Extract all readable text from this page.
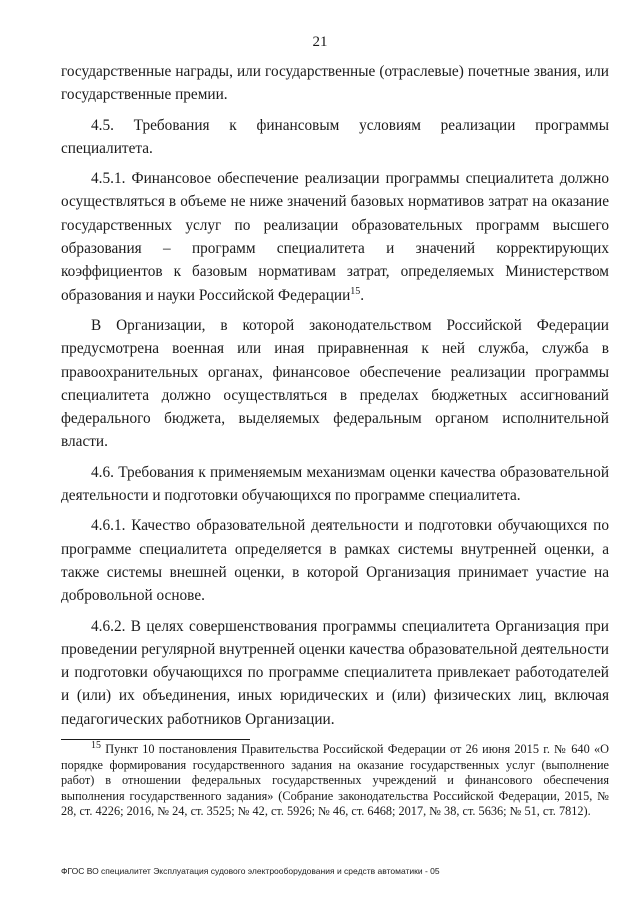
21

государственные награды, или государственные (отраслевые) почетные звания, или государственные премии.

4.5. Требования к финансовым условиям реализации программы специалитета.

4.5.1. Финансовое обеспечение реализации программы специалитета должно осуществляться в объеме не ниже значений базовых нормативов затрат на оказание государственных услуг по реализации образовательных программ высшего образования – программ специалитета и значений корректирующих коэффициентов к базовым нормативам затрат, определяемых Министерством образования и науки Российской Федерации$^{15}$.

В Организации, в которой законодательством Российской Федерации предусмотрена военная или иная приравненная к ней служба, служба в правоохранительных органах, финансовое обеспечение реализации программы специалитета должно осуществляться в пределах бюджетных ассигнований федерального бюджета, выделяемых федеральным органом исполнительной власти.

4.6. Требования к применяемым механизмам оценки качества образовательной деятельности и подготовки обучающихся по программе специалитета.

4.6.1. Качество образовательной деятельности и подготовки обучающихся по программе специалитета определяется в рамках системы внутренней оценки, а также системы внешней оценки, в которой Организация принимает участие на добровольной основе.

4.6.2. В целях совершенствования программы специалитета Организация при проведении регулярной внутренней оценки качества образовательной деятельности и подготовки обучающихся по программе специалитета привлекает работодателей и (или) их объединения, иных юридических и (или) физических лиц, включая педагогических работников Организации.

$^{15}$ Пункт 10 постановления Правительства Российской Федерации от 26 июня 2015 г. № 640 «О порядке формирования государственного задания на оказание государственных услуг (выполнение работ) в отношении федеральных государственных учреждений и финансового обеспечения выполнения государственного задания» (Собрание законодательства Российской Федерации, 2015, № 28, ст. 4226; 2016, № 24, ст. 3525; № 42, ст. 5926; № 46, ст. 6468; 2017, № 38, ст. 5636; № 51, ст. 7812).
ФГОС ВО специалитет Эксплуатация судового электрооборудования и средств автоматики - 05
